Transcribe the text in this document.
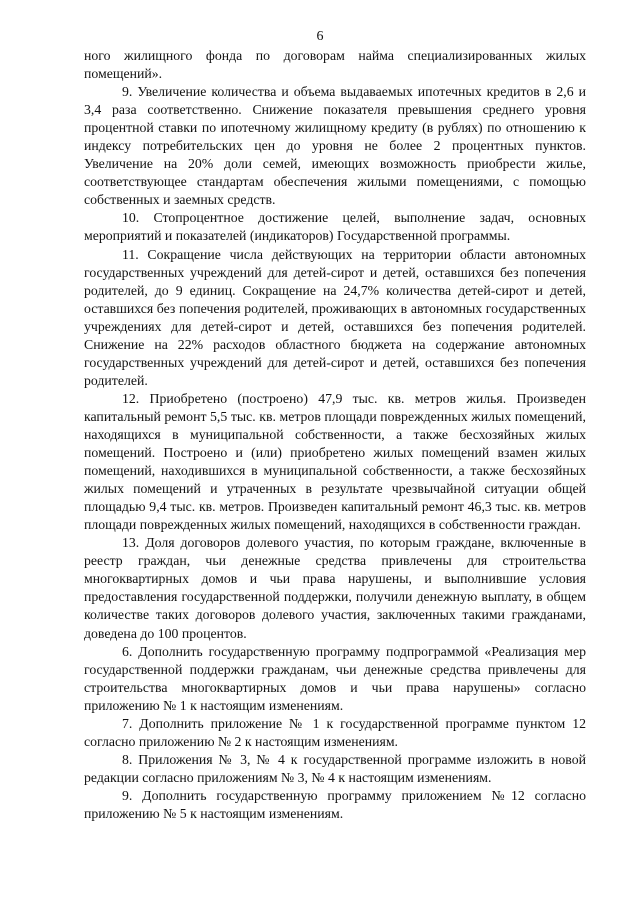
6

ного жилищного фонда по договорам найма специализированных жилых помещений».

9. Увеличение количества и объема выдаваемых ипотечных кредитов в 2,6 и 3,4 раза соответственно. Снижение показателя превышения среднего уровня процентной ставки по ипотечному жилищному кредиту (в рублях) по отношению к индексу потребительских цен до уровня не более 2 процентных пунктов. Увеличение на 20% доли семей, имеющих возможность приобрести жилье, соответствующее стандартам обеспечения жилыми помещениями, с помощью собственных и заемных средств.

10. Стопроцентное достижение целей, выполнение задач, основных мероприятий и показателей (индикаторов) Государственной программы.

11. Сокращение числа действующих на территории области автономных государственных учреждений для детей-сирот и детей, оставшихся без попечения родителей, до 9 единиц. Сокращение на 24,7% количества детей-сирот и детей, оставшихся без попечения родителей, проживающих в автономных государственных учреждениях для детей-сирот и детей, оставшихся без попечения родителей. Снижение на 22% расходов областного бюджета на содержание автономных государственных учреждений для детей-сирот и детей, оставшихся без попечения родителей.

12. Приобретено (построено) 47,9 тыс. кв. метров жилья. Произведен капитальный ремонт 5,5 тыс. кв. метров площади поврежденных жилых помещений, находящихся в муниципальной собственности, а также бесхозяйных жилых помещений. Построено и (или) приобретено жилых помещений взамен жилых помещений, находившихся в муниципальной собственности, а также бесхозяйных жилых помещений и утраченных в результате чрезвычайной ситуации общей площадью 9,4 тыс. кв. метров. Произведен капитальный ремонт 46,3 тыс. кв. метров площади поврежденных жилых помещений, находящихся в собственности граждан.

13. Доля договоров долевого участия, по которым граждане, включенные в реестр граждан, чьи денежные средства привлечены для строительства многоквартирных домов и чьи права нарушены, и выполнившие условия предоставления государственной поддержки, получили денежную выплату, в общем количестве таких договоров долевого участия, заключенных такими гражданами, доведена до 100 процентов.

6. Дополнить государственную программу подпрограммой «Реализация мер государственной поддержки гражданам, чьи денежные средства привлечены для строительства многоквартирных домов и чьи права нарушены» согласно приложению № 1 к настоящим изменениям.

7. Дополнить приложение № 1 к государственной программе пунктом 12 согласно приложению № 2 к настоящим изменениям.

8. Приложения № 3, № 4 к государственной программе изложить в новой редакции согласно приложениям № 3, № 4 к настоящим изменениям.

9. Дополнить государственную программу приложением №12 согласно приложению № 5 к настоящим изменениям.
